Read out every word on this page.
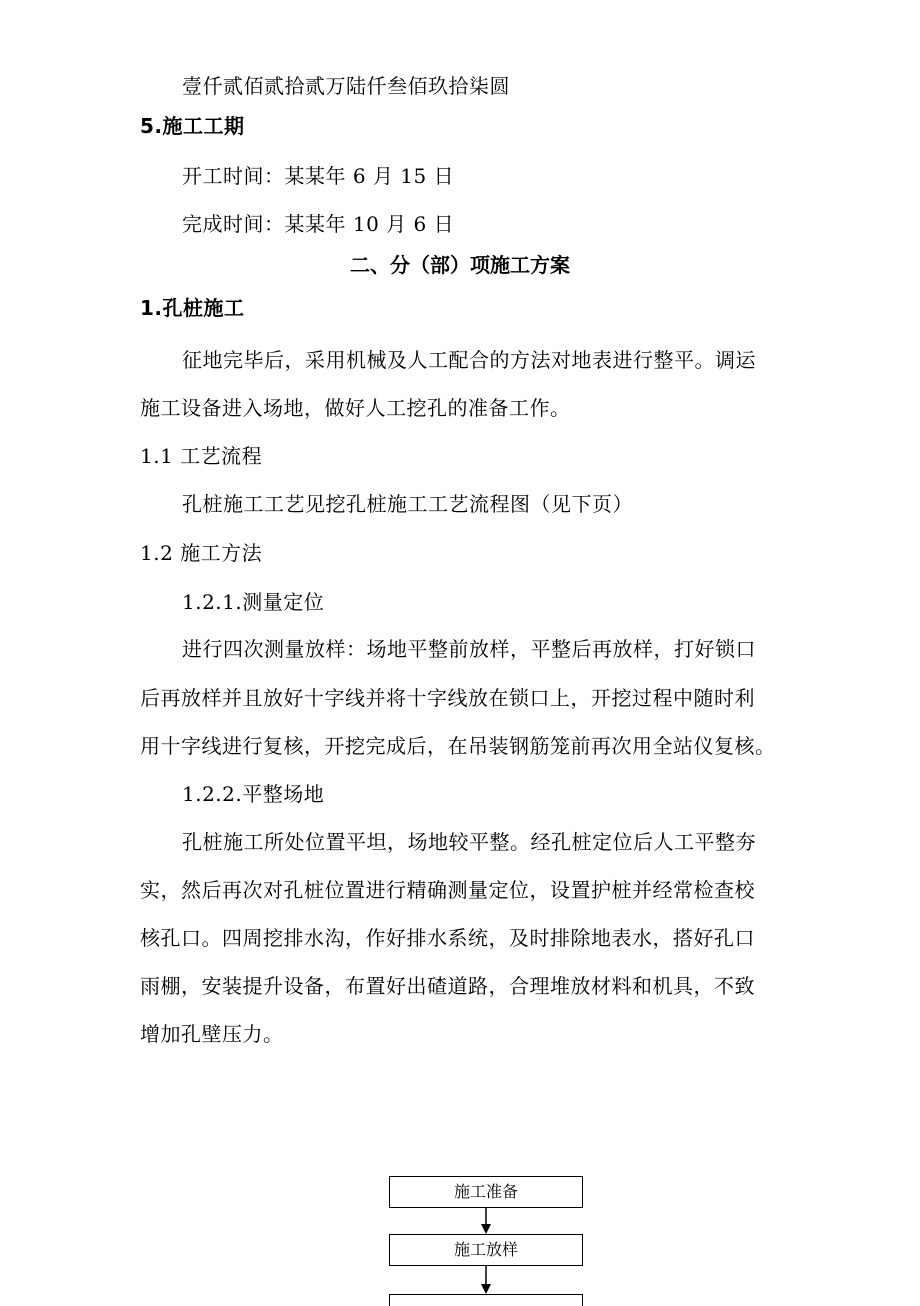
壹仟贰佰贰拾贰万陆仟叁佰玖拾柒圆
5.施工工期
开工时间：某某年 6 月 15 日
完成时间：某某年 10 月 6 日
二、分（部）项施工方案
1.孔桩施工
征地完毕后，采用机械及人工配合的方法对地表进行整平。调运
施工设备进入场地，做好人工挖孔的准备工作。
1.1 工艺流程
孔桩施工工艺见挖孔桩施工工艺流程图（见下页）
1.2 施工方法
1.2.1.测量定位
进行四次测量放样：场地平整前放样，平整后再放样，打好锁口
后再放样并且放好十字线并将十字线放在锁口上，开挖过程中随时利
用十字线进行复核，开挖完成后，在吊装钢筋笼前再次用全站仪复核。
1.2.2.平整场地
孔桩施工所处位置平坦，场地较平整。经孔桩定位后人工平整夯
实，然后再次对孔桩位置进行精确测量定位，设置护桩并经常检查校
核孔口。四周挖排水沟，作好排水系统，及时排除地表水，搭好孔口
雨棚，安装提升设备，布置好出碴道路，合理堆放材料和机具，不致
增加孔壁压力。
施工准备
施工放样
